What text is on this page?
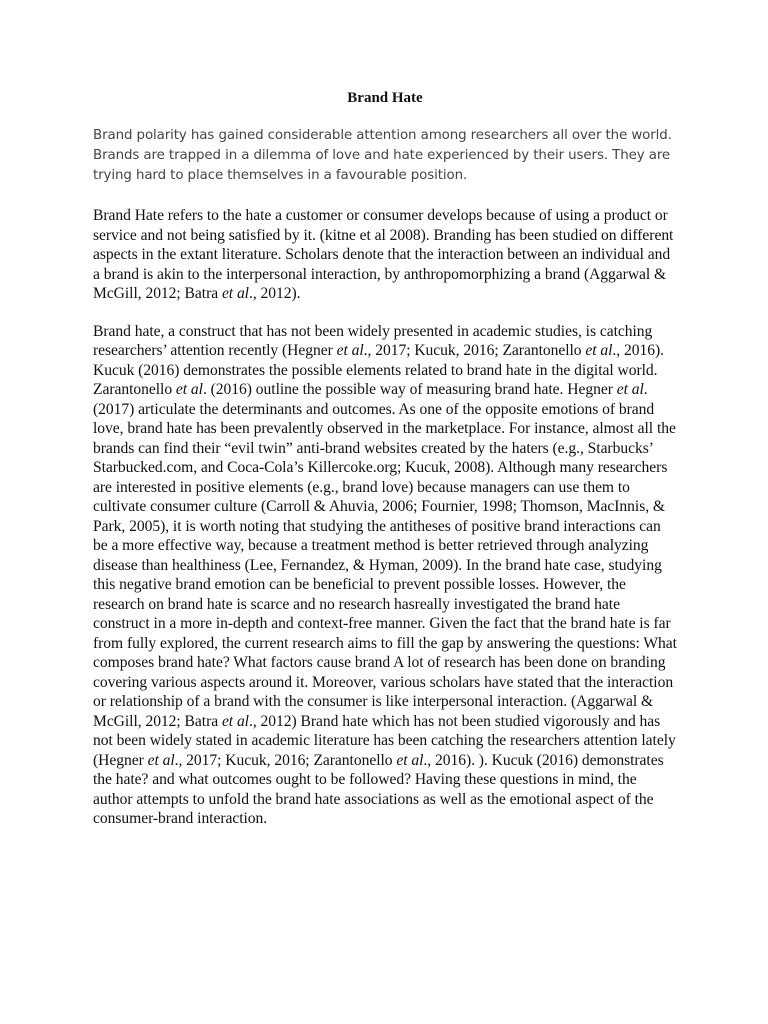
Brand Hate

Brand polarity has gained considerable attention among researchers all over the world. Brands are trapped in a dilemma of love and hate experienced by their users. They are trying hard to place themselves in a favourable position.

Brand Hate refers to the hate a customer or consumer develops because of using a product or service and not being satisfied by it. (kitne et al 2008). Branding has been studied on different aspects in the extant literature. Scholars denote that the interaction between an individual and a brand is akin to the interpersonal interaction, by anthropomorphizing a brand (Aggarwal & McGill, 2012; Batra et al., 2012).

Brand hate, a construct that has not been widely presented in academic studies, is catching researchers’ attention recently (Hegner et al., 2017; Kucuk, 2016; Zarantonello et al., 2016). Kucuk (2016) demonstrates the possible elements related to brand hate in the digital world. Zarantonello et al. (2016) outline the possible way of measuring brand hate. Hegner et al. (2017) articulate the determinants and outcomes. As one of the opposite emotions of brand love, brand hate has been prevalently observed in the marketplace. For instance, almost all the brands can find their “evil twin” anti-brand websites created by the haters (e.g., Starbucks’ Starbucked.com, and Coca-Cola’s Killercoke.org; Kucuk, 2008). Although many researchers are interested in positive elements (e.g., brand love) because managers can use them to cultivate consumer culture (Carroll & Ahuvia, 2006; Fournier, 1998; Thomson, MacInnis, & Park, 2005), it is worth noting that studying the antitheses of positive brand interactions can be a more effective way, because a treatment method is better retrieved through analyzing disease than healthiness (Lee, Fernandez, & Hyman, 2009). In the brand hate case, studying this negative brand emotion can be beneficial to prevent possible losses. However, the research on brand hate is scarce and no research hasreally investigated the brand hate construct in a more in-depth and context-free manner. Given the fact that the brand hate is far from fully explored, the current research aims to fill the gap by answering the questions: What composes brand hate? What factors cause brand A lot of research has been done on branding covering various aspects around it. Moreover, various scholars have stated that the interaction or relationship of a brand with the consumer is like interpersonal interaction. (Aggarwal & McGill, 2012; Batra et al., 2012) Brand hate which has not been studied vigorously and has not been widely stated in academic literature has been catching the researchers attention lately (Hegner et al., 2017; Kucuk, 2016; Zarantonello et al., 2016). ). Kucuk (2016) demonstrates the hate? and what outcomes ought to be followed? Having these questions in mind, the author attempts to unfold the brand hate associations as well as the emotional aspect of the consumer-brand interaction.
